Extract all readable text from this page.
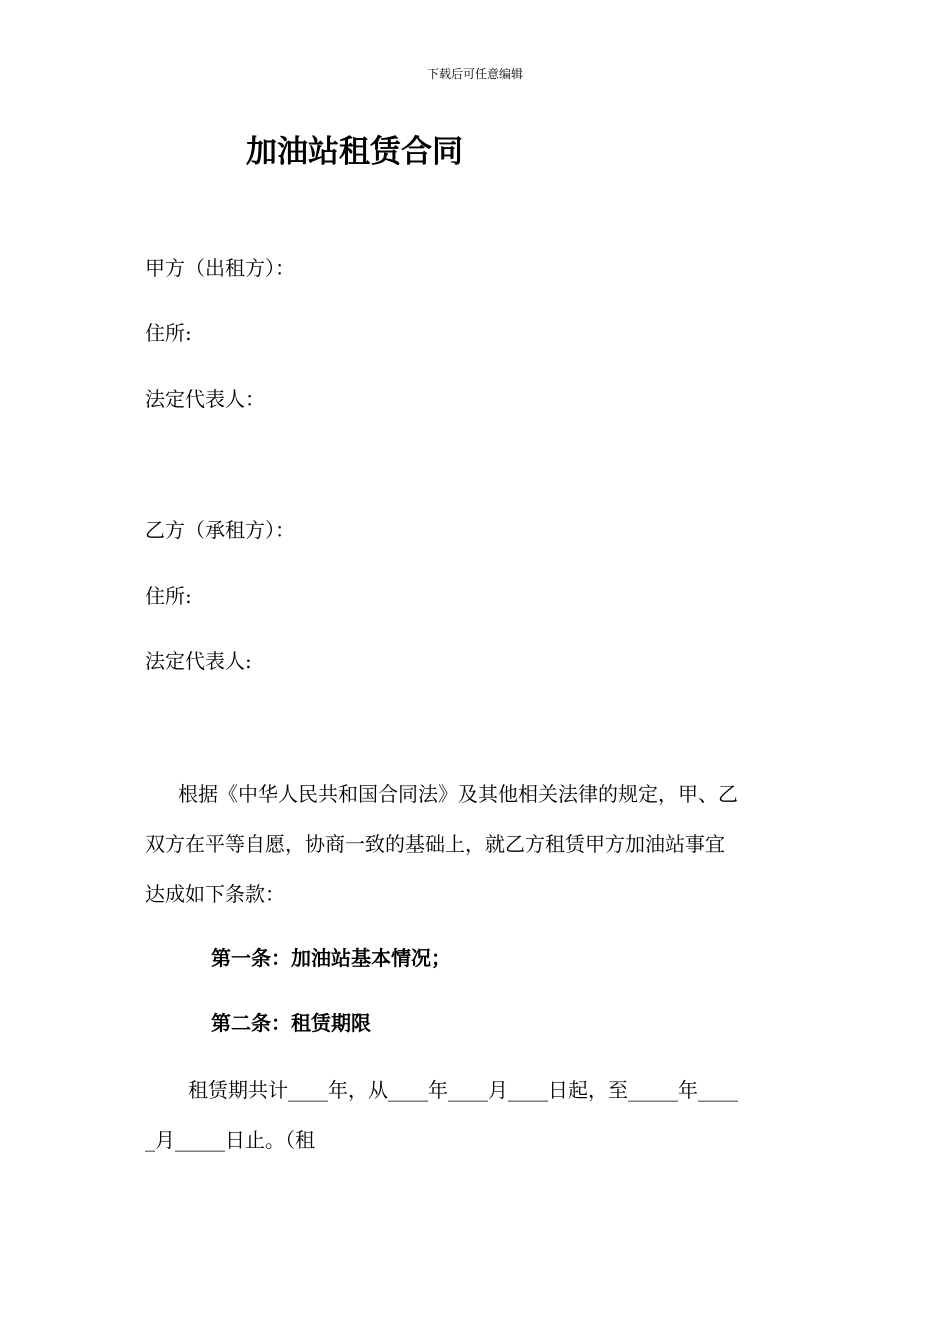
下载后可任意编辑
加油站租赁合同

甲方（出租方）：

住所:

法定代表人：

乙方（承租方）：

住所:

法定代表人:

根据《中华人民共和国合同法》及其他相关法律的规定，甲、乙
双方在平等自愿，协商一致的基础上，就乙方租赁甲方加油站事宜
达成如下条款：

第一条：加油站基本情况；

第二条：租赁期限

租赁期共计____年，从____年____月____日起，至_____年____
_月_____日止。（租
